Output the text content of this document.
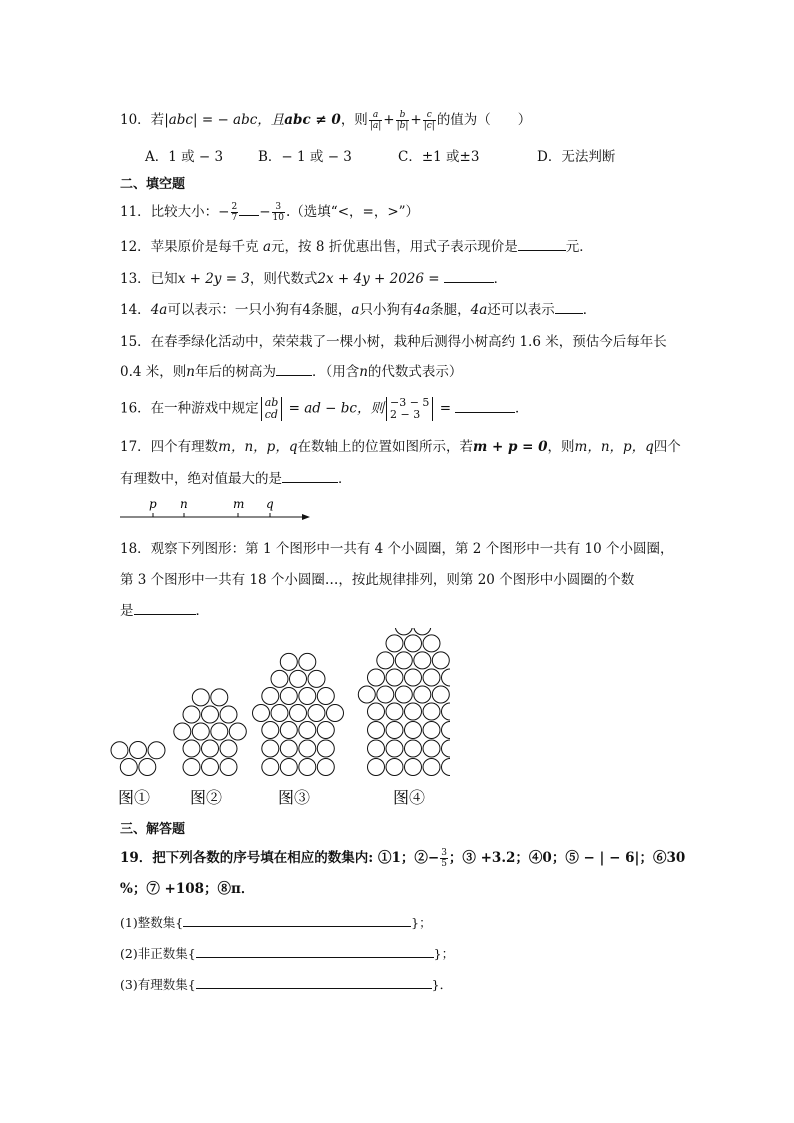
10．若|abc| = − abc，且abc ≠ 0，则 $\frac{a}{|a|} + \frac{b}{|b|} + \frac{c}{|c|}$ 的值为（　　）
A．1 或 − 3	B．− 1 或 − 3	C．±1 或±3	D．无法判断
二、填空题
11．比较大小：− $\frac{2}{7} - \frac{3}{10}$ .（选填“<，=，>”）
12．苹果原价是每千克 a元，按 8 折优惠出售，用式子表示现价是	元．
13．已知x + 2y = 3，则代数式2x + 4y + 2026 =	．
14．4a可以表示：一只小狗有4条腿，a只小狗有4a条腿，4a还可以表示 ．
15．在春季绿化活动中，荣荣栽了一棵小树，栽种后测得小树高约 1.6 米，预估今后每年长
0.4 米，则n年后的树高为	．（用含n的代数式表示）
16．在一种游戏中规定 ab
cd = ad − bc，则 −3 − 5
2 − 3	=	．
17．四个有理数m，n，p，q在数轴上的位置如图所示，若m + p = 0，则m，n，p，q四个
有理数中，绝对值最大的是	．
p n	m q
18．观察下列图形：第 1 个图形中一共有 4 个小圆圈，第 2 个图形中一共有 10 个小圆圈，
第 3 个图形中一共有 18 个小圆圈…，按此规律排列，则第 20 个图形中小圆圈的个数
是	．
图① 图②	图③	图④
三、解答题
19．把下列各数的序号填在相应的数集内: ①1；②− $\frac{3}{5}$ ；③ +3.2；④0；⑤ − | − 6|；⑥30
%；⑦ +108；⑧π．
(1)整数集{	}；
(2)非正数集{	}；
(3)有理数集{	}．
